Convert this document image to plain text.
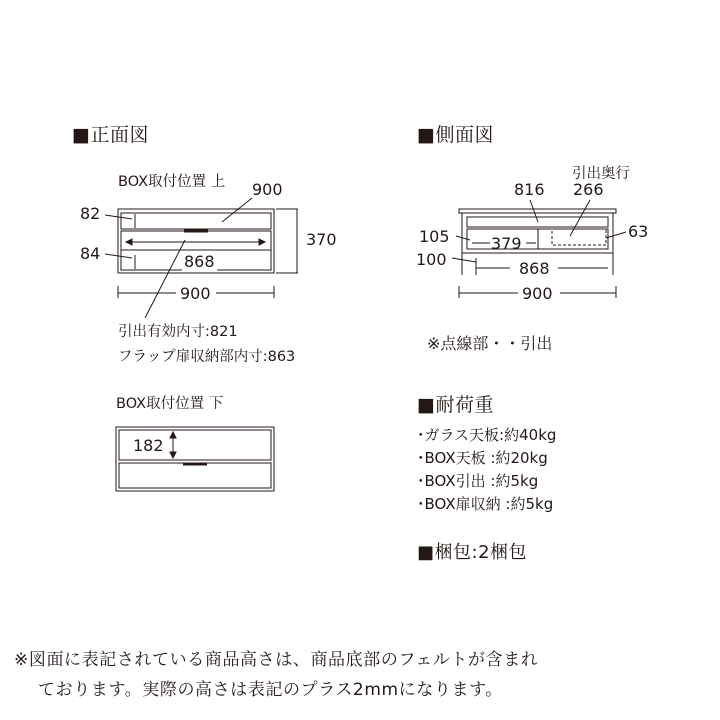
■正面図
BOX取付位置 上 900
82
84	868
370
900
引出有効内寸:821
フラップ扉収納部内寸:863
BOX取付位置 下
182
■側面図
引出奥行
816 266
105	379
63
100	868
900
※点線部・・引出
■耐荷重
･ガラス天板:約40kg
･BOX天板 :約20kg
･BOX引出 :約5kg
･BOX扉収納 :約5kg
■梱包:2梱包
※図面に表記されている商品高さは、商品底部のフェルトが含まれ
ております。実際の高さは表記のプラス2mmになります。
